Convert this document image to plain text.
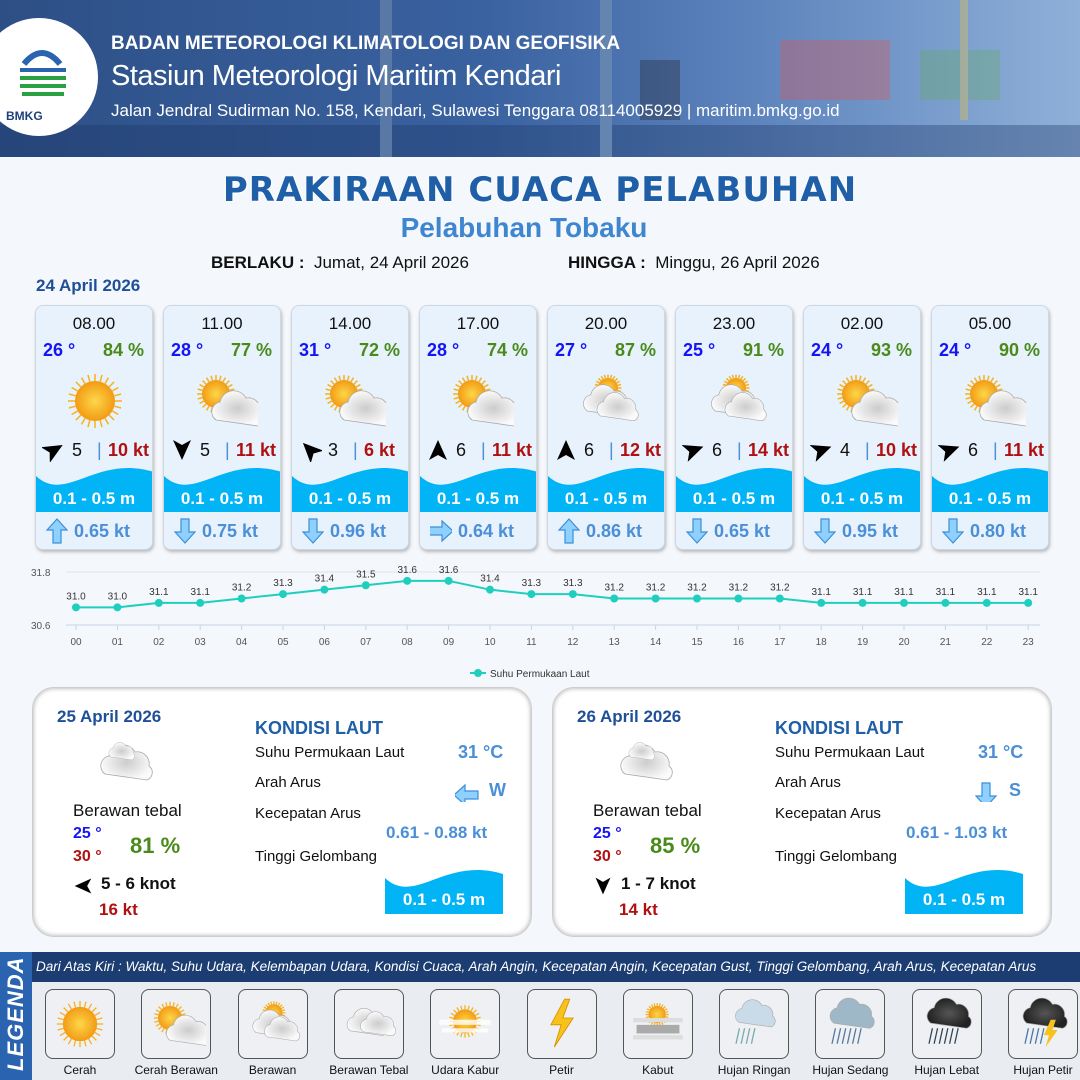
BMKG
BADAN METEOROLOGI KLIMATOLOGI DAN GEOFISIKA
Stasiun Meteorologi Maritim Kendari
Jalan Jendral Sudirman No. 158, Kendari, Sulawesi Tenggara 08114005929 | maritim.bmkg.go.id
PRAKIRAAN CUACA PELABUHAN
Pelabuhan Tobaku
BERLAKU : Jumat, 24 April 2026	HINGGA : Minggu, 26 April 2026
24 April 2026
08.00
26 ° 84 %
5 | 10 kt
0.1 - 0.5 m
0.65 kt
11.00
28 ° 77 %
5 | 11 kt
0.1 - 0.5 m
0.75 kt
14.00
31 ° 72 %
3 | 6 kt
0.1 - 0.5 m
0.96 kt
17.00
28 ° 74 %
6 | 11 kt
0.1 - 0.5 m
0.64 kt
20.00
27 ° 87 %
6 | 12 kt
0.1 - 0.5 m
0.86 kt
23.00
25 ° 91 %
6 | 14 kt
0.1 - 0.5 m
0.65 kt
02.00
24 ° 93 %
4 | 10 kt
0.1 - 0.5 m
0.95 kt
05.00
24 ° 90 %
6 | 11 kt
0.1 - 0.5 m
0.80 kt
31.8
30.6
31.0
00
31.0
01
31.1
02
31.1
03
31.2
04
31.3
05
31.4
06
31.5
07
31.6
08
31.6
09
31.4
10
31.3
11
31.3
12
31.2
13
31.2
14
31.2
15
31.2
16
31.2
17
31.1
18
31.1
19
31.1
20
31.1
21
31.1
22
31.1
23
Suhu Permukaan Laut
25 April 2026
Berawan tebal
25 °
30 ° 81 %
5 - 6 knot
16 kt
KONDISI LAUT
Suhu Permukaan Laut	31 °C
Arah Arus	W
Kecepatan Arus
0.61 - 0.88 kt
Tinggi Gelombang
0.1 - 0.5 m
26 April 2026
Berawan tebal
25 °
30 ° 85 %
1 - 7 knot
14 kt
KONDISI LAUT
Suhu Permukaan Laut	31 °C
Arah Arus	S
Kecepatan Arus
0.61 - 1.03 kt
Tinggi Gelombang
0.1 - 0.5 m
LEGENDA Dari Atas Kiri : Waktu, Suhu Udara, Kelembapan Udara, Kondisi Cuaca, Arah Angin, Kecepatan Angin, Kecepatan Gust, Tinggi Gelombang, Arah Arus, Kecepatan Arus
Cerah	Cerah Berawan	Berawan	Berawan Tebal	Udara Kabur	Petir	Kabut	Hujan Ringan	Hujan Sedang	Hujan Lebat	Hujan Petir
